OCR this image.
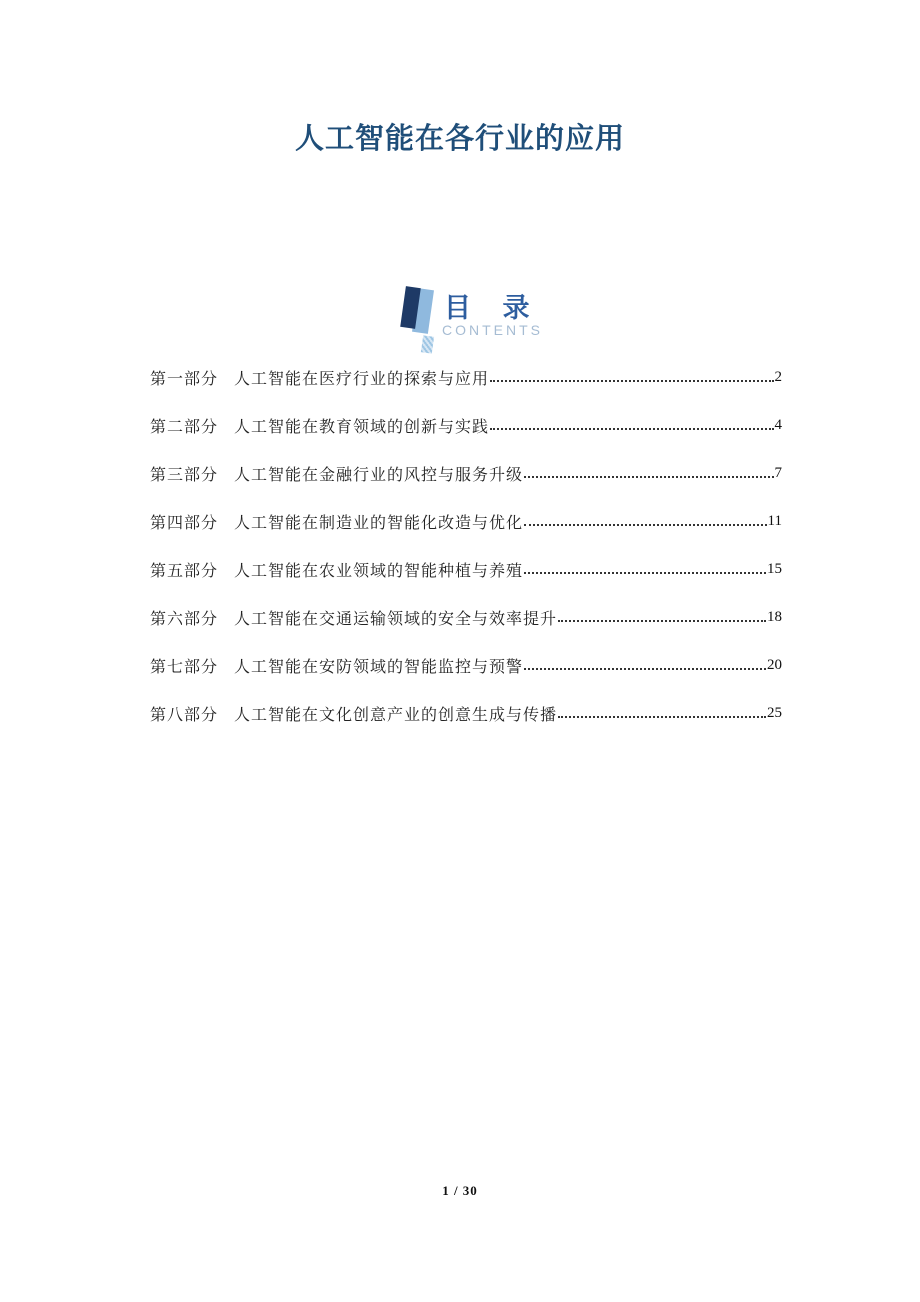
人工智能在各行业的应用
目 录
CONTENTS
第一部分 人工智能在医疗行业的探索与应用	2
第二部分 人工智能在教育领域的创新与实践	4
第三部分 人工智能在金融行业的风控与服务升级	7
第四部分 人工智能在制造业的智能化改造与优化	11
第五部分 人工智能在农业领域的智能种植与养殖	15
第六部分 人工智能在交通运输领域的安全与效率提升	18
第七部分 人工智能在安防领域的智能监控与预警	20
第八部分 人工智能在文化创意产业的创意生成与传播	25
1 / 30
